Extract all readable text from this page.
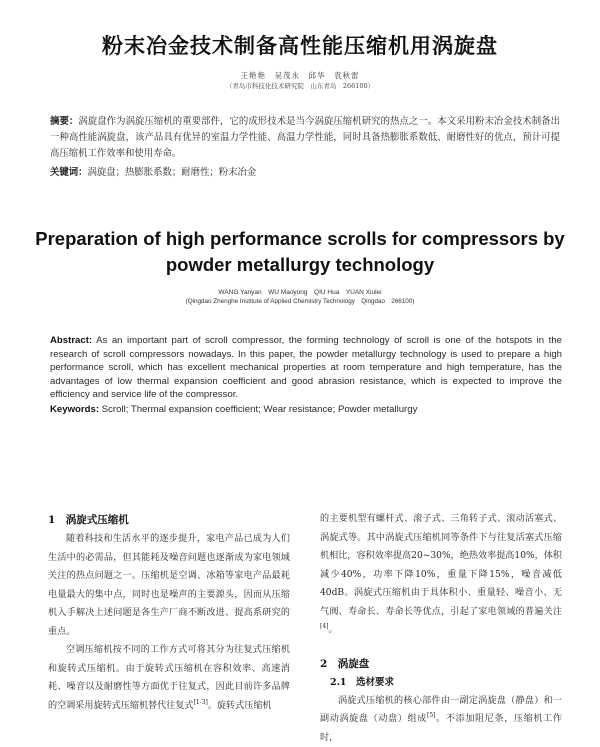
粉末冶金技术制备高性能压缩机用涡旋盘
王艳艳　吴茂永　邱华　袁秋雷
（青岛市科技化技术研究院　山东青岛　266100）

摘要：涡旋盘作为涡旋压缩机的重要部件，它的成形技术是当今涡旋压缩机研究的热点之一。本文采用粉末冶金技术制备出一种高性能涡旋盘，该产品具有优异的室温力学性能、高温力学性能，同时具备热膨胀系数低、耐磨性好的优点，预计可提高压缩机工作效率和使用寿命。

关键词：涡旋盘；热膨胀系数；耐磨性；粉末冶金

Preparation of high performance scrolls for compressors by powder metallurgy technology
WANG Yanyan　WU Maoyong　QIU Hua　YUAN Xiulei
(Qingdao Zhenghe Institute of Applied Chemistry Technology　Qingdao　266100)

Abstract: As an important part of scroll compressor, the forming technology of scroll is one of the hotspots in the research of scroll compressors nowadays. In this paper, the powder metallurgy technology is used to prepare a high performance scroll, which has excellent mechanical properties at room temperature and high temperature, has the advantages of low thermal expansion coefficient and good abrasion resistance, which is expected to improve the efficiency and service life of the compressor.

Keywords: Scroll; Thermal expansion coefficient; Wear resistance; Powder metallurgy

1　涡旋式压缩机

随着科技和生活水平的逐步提升，家电产品已成为人们生活中的必需品，但其能耗及噪音问题也逐渐成为家电领域关注的热点问题之一。压缩机是空调、冰箱等家电产品最耗电量最大的集中点，同时也是噪声的主要源头，因而从压缩机入手解决上述问题是各生产厂商不断改进、提高系研究的重点。

空调压缩机按不同的工作方式可将其分为往复式压缩机和旋转式压缩机。由于旋转式压缩机在容积效率、高速消耗、噪音以及耐磨性等方面优于往复式，因此目前许多品牌的空调采用旋转式压缩机替代往复式[1-3]。旋转式压缩机

的主要机型有螺杆式、滚子式、三角转子式、滚动活塞式、涡旋式等。其中涡旋式压缩机同等条件下与往复活塞式压缩机相比，容积效率提高20~30%，绝热效率提高10%，体积减少40%，功率下降10%，重量下降15%，噪音减低40dB。涡旋式压缩机由于具体积小、重量轻、噪音小、无气阀、寿命长、寿命长等优点，引起了家电领域的普遍关注[4]。

2　涡旋盘
2.1　选材要求

涡旋式压缩机的核心部件由一副定涡旋盘（静盘）和一副动涡旋盘（动盘）组成[5]。不添加阻尼条，压缩机工作时，
